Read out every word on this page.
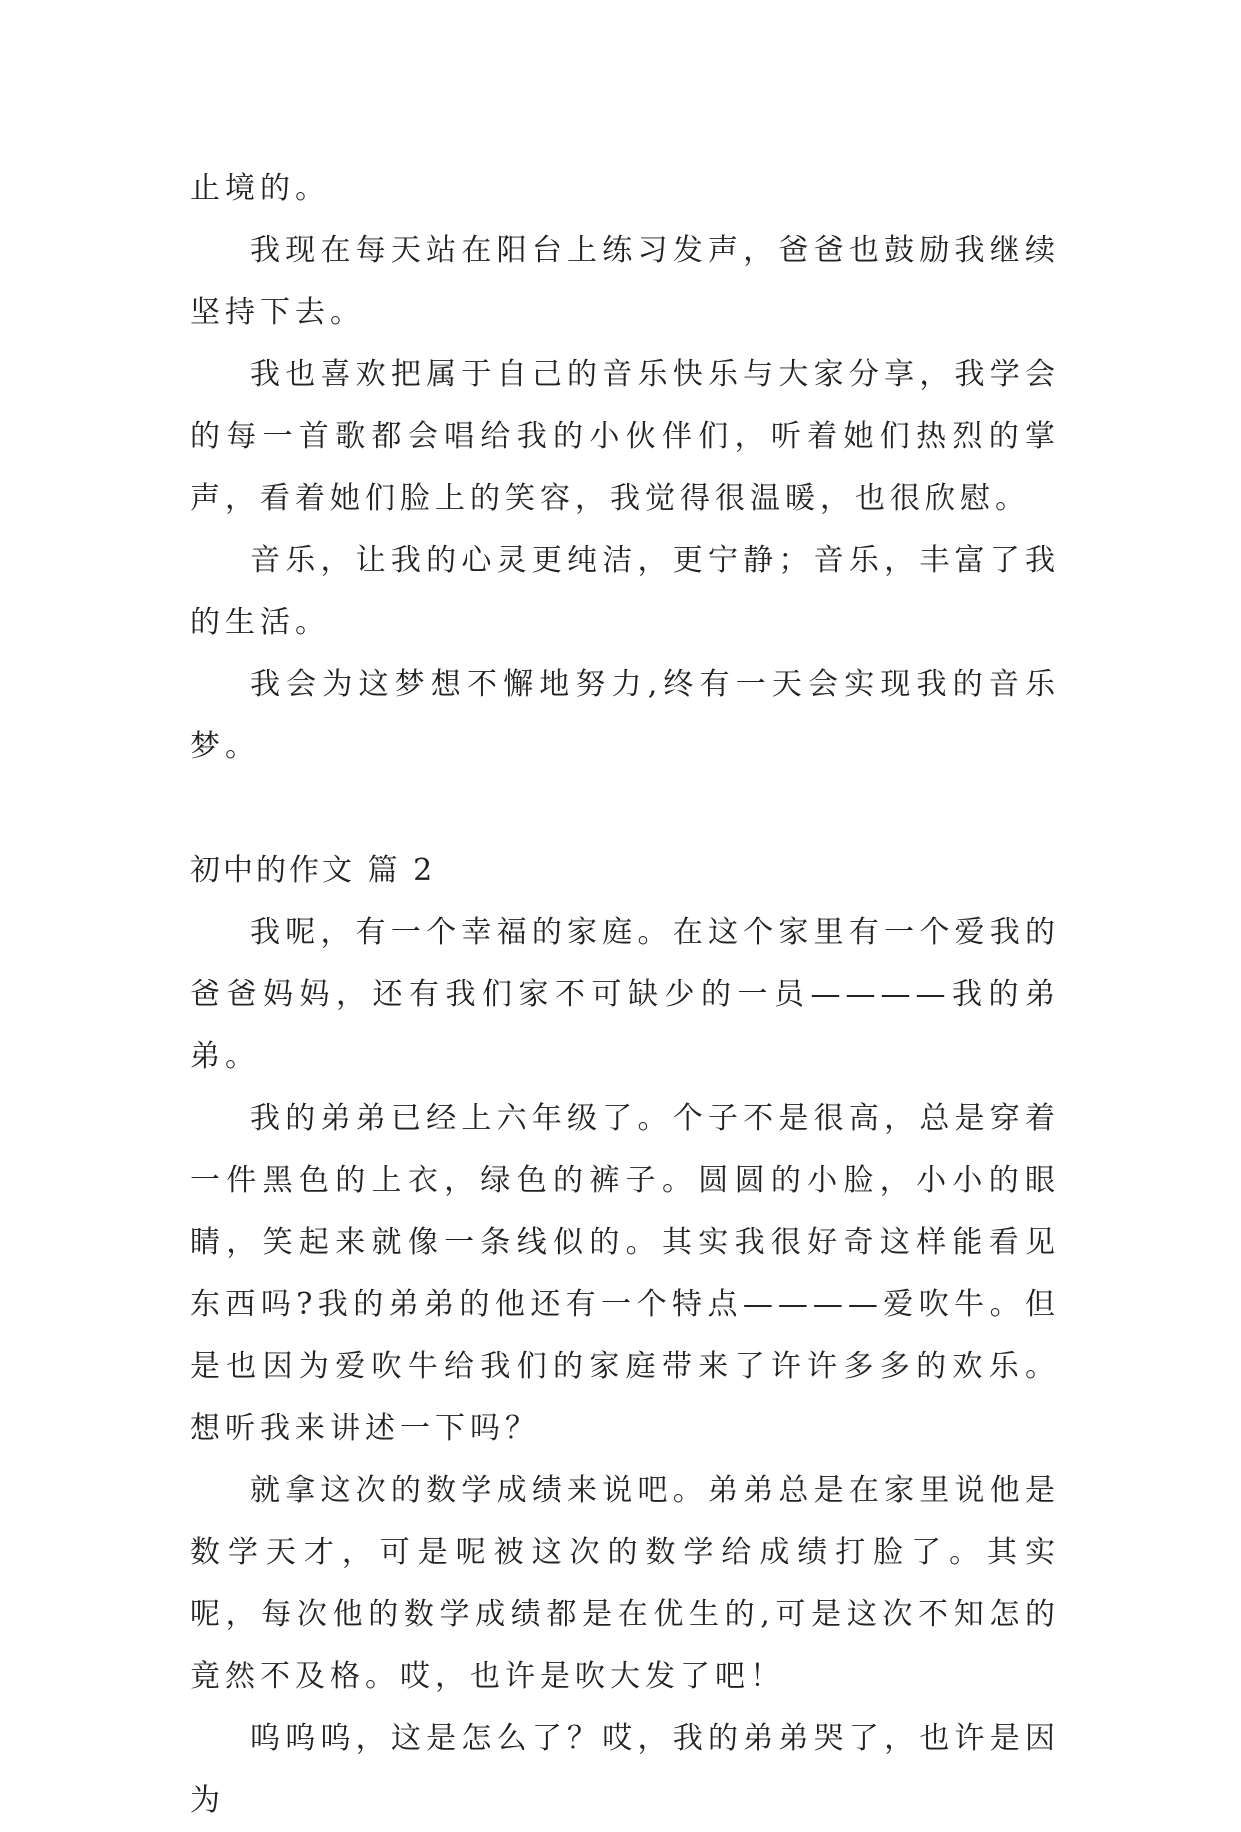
止境的。

我现在每天站在阳台上练习发声，爸爸也鼓励我继续坚持下去。

我也喜欢把属于自己的音乐快乐与大家分享，我学会的每一首歌都会唱给我的小伙伴们，听着她们热烈的掌声，看着她们脸上的笑容，我觉得很温暖，也很欣慰。

音乐，让我的心灵更纯洁，更宁静；音乐，丰富了我的生活。

我会为这梦想不懈地努力,终有一天会实现我的音乐梦。

初中的作文 篇 2

我呢，有一个幸福的家庭。在这个家里有一个爱我的爸爸妈妈，还有我们家不可缺少的一员————我的弟弟。

我的弟弟已经上六年级了。个子不是很高，总是穿着一件黑色的上衣，绿色的裤子。圆圆的小脸，小小的眼睛，笑起来就像一条线似的。其实我很好奇这样能看见东西吗?我的弟弟的他还有一个特点————爱吹牛。但是也因为爱吹牛给我们的家庭带来了许许多多的欢乐。想听我来讲述一下吗？

就拿这次的数学成绩来说吧。弟弟总是在家里说他是数学天才，可是呢被这次的数学给成绩打脸了。其实呢，每次他的数学成绩都是在优生的,可是这次不知怎的竟然不及格。哎，也许是吹大发了吧！

呜呜呜，这是怎么了？哎，我的弟弟哭了，也许是因为
